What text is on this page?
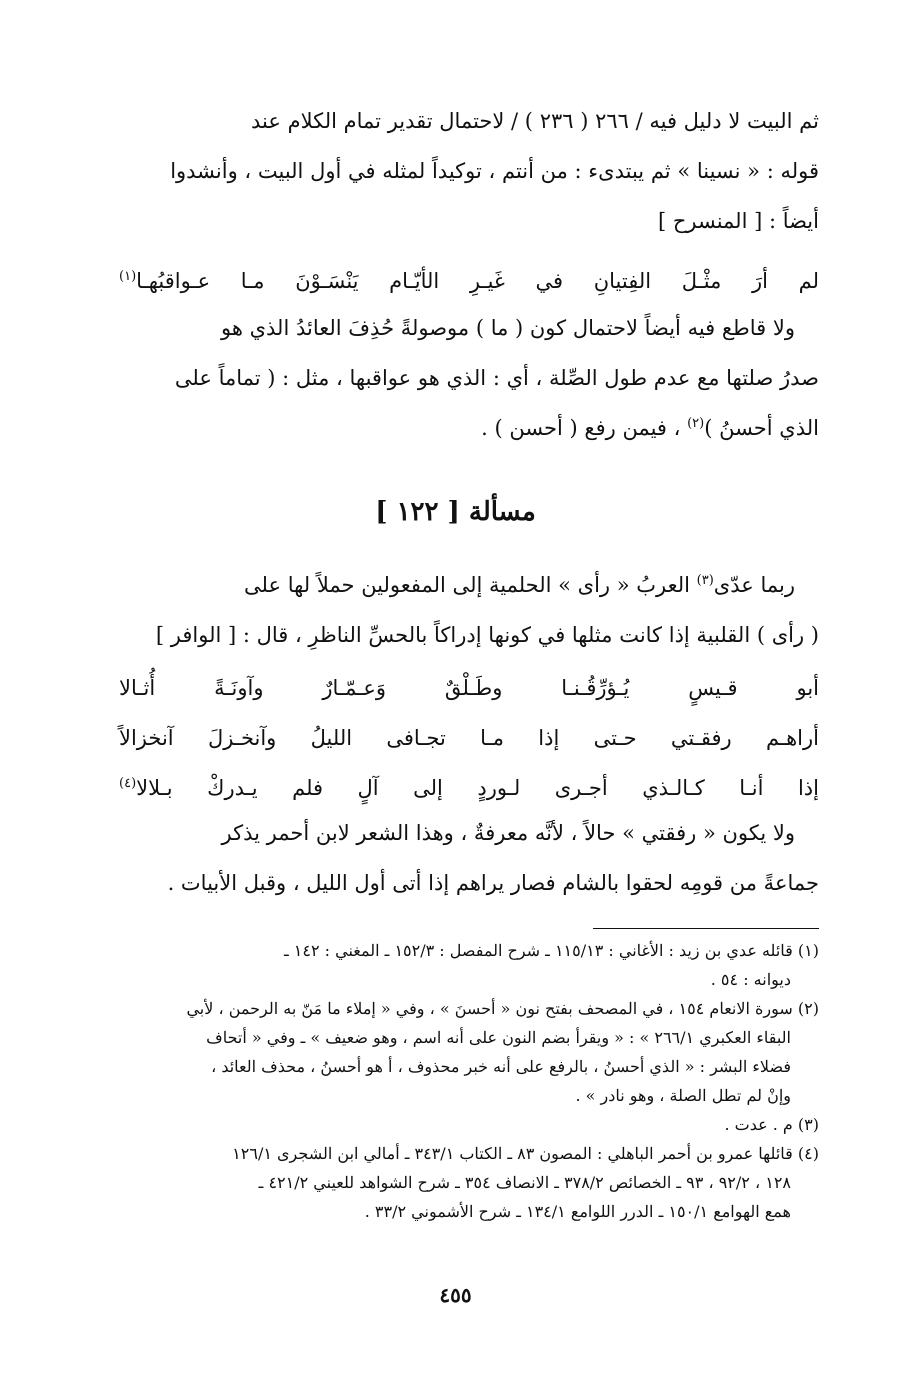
ثم البيت لا دليل فيه / ٢٦٦ ( ٢٣٦ ) / لاحتمال تقدير تمام الكلام عند

قوله : « نسينا » ثم يبتدىء : من أنتم ، توكيداً لمثله في أول البيت ، وأنشدوا

أيضاً : [ المنسرح ]

لم أرَ مثْـلَ الفِتيانِ في غَيـرِ الأيّـام يَنْسَـوْنَ مـا عـواقبُهـا$^{(١)}$

ولا قاطع فيه أيضاً لاحتمال كون ( ما ) موصولةً حُذِفَ العائدُ الذي هو

صدرُ صلتها مع عدم طول الصِّلة ، أي : الذي هو عواقبها ، مثل : ( تماماً على

الذي أحسنُ )$^{(٢)}$ ، فيمن رفع ( أحسن ) .

مسألة [ ١٢٢ ]

ربما عدّى$^{(٣)}$ العربُ « رأى » الحلمية إلى المفعولين حملاً لها على

( رأى ) القلبية إذا كانت مثلها في كونها إدراكاً بالحسِّ الناظرِ ، قال : [ الوافر ]

أبو قـيسٍ يُـؤرِّقُـنـا وطَـلْقٌ وَعـمّـارٌ وآونَـةً أُثـالا
أراهـم رفقـتي حـتى إذا مـا تجـافى الليلُ وآنخـزلَ آنخزالاً
إذا أنـا كـالـذي أجـرى لـوردٍ إلى آلٍ فلم يـدركْ بـلالا$^{(٤)}$

ولا يكون « رفقتي » حالاً ، لأنَّه معرفةٌ ، وهذا الشعر لابن أحمر يذكر

جماعةً من قومِه لحقوا بالشام فصار يراهم إذا أتى أول الليل ، وقبل الأبيات .

(١) قائله عدي بن زيد : الأغاني : ١١٥/١٣ ـ شرح المفصل : ١٥٢/٣ ـ المغني : ١٤٢ ـ
ديوانه : ٥٤ .
(٢) سورة الانعام ١٥٤ ، في المصحف بفتح نون « أحسنَ » ، وفي « إملاء ما مَنّ به الرحمن ، لأبي
البقاء العكبري ٢٦٦/١ » : « ويقرأ بضم النون على أنه اسم ، وهو ضعيف » ـ وفي « أتحاف
فضلاء البشر : « الذي أحسنُ ، بالرفع على أنه خبر محذوف ، أ هو أحسنُ ، محذف العائد ،
وإنْ لم تطل الصلة ، وهو نادر » .
(٣) م . عدت .
(٤) قائلها عمرو بن أحمر الباهلي : المصون ٨٣ ـ الكتاب ٣٤٣/١ ـ أمالي ابن الشجرى ١٢٦/١
١٢٨ ، ٩٢/٢ ، ٩٣ ـ الخصائص ٣٧٨/٢ ـ الانصاف ٣٥٤ ـ شرح الشواهد للعيني ٤٢١/٢ ـ
همع الهوامع ١٥٠/١ ـ الدرر اللوامع ١٣٤/١ ـ شرح الأشموني ٣٣/٢ .
٤٥٥
